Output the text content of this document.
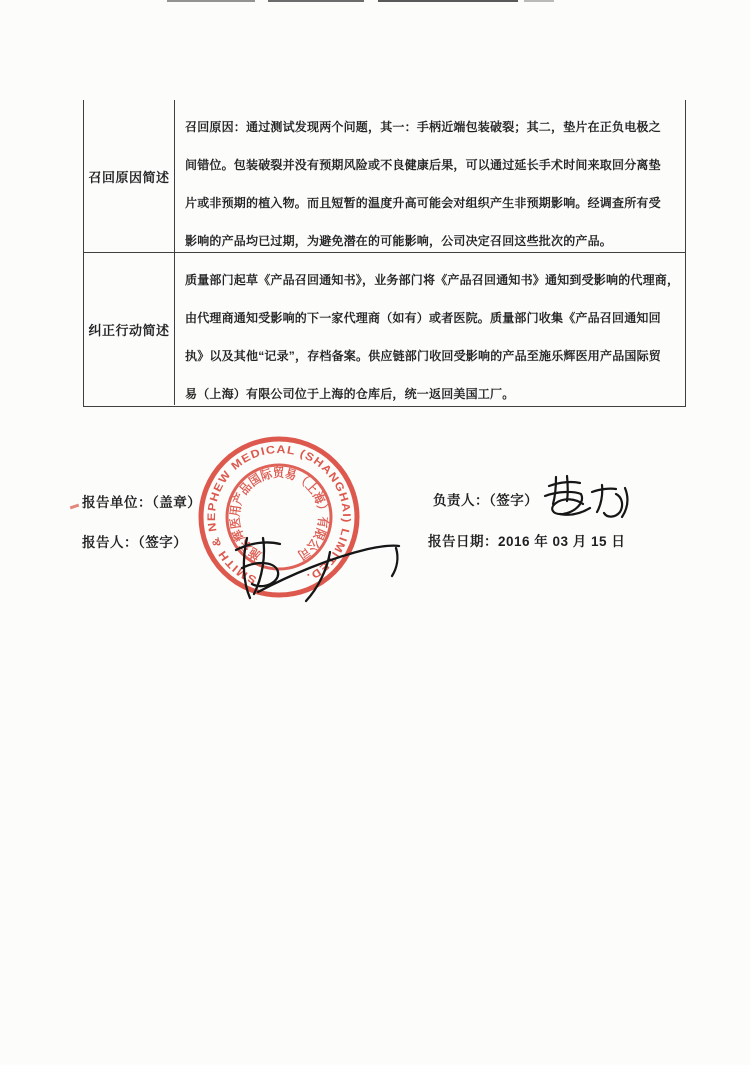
召回原因简述
召回原因：通过测试发现两个问题，其一：手柄近端包装破裂；其二，垫片在正负电极之
间错位。包装破裂并没有预期风险或不良健康后果，可以通过延长手术时间来取回分离垫
片或非预期的植入物。而且短暂的温度升高可能会对组织产生非预期影响。经调查所有受
影响的产品均已过期，为避免潜在的可能影响，公司决定召回这些批次的产品。
纠正行动简述
质量部门起草《产品召回通知书》，业务部门将《产品召回通知书》通知到受影响的代理商，
由代理商通知受影响的下一家代理商（如有）或者医院。质量部门收集《产品召回通知回
执》以及其他“记录”，存档备案。供应链部门收回受影响的产品至施乐辉医用产品国际贸
易（上海）有限公司位于上海的仓库后，统一返回美国工厂。
报告单位：（盖章）
报告人：（签字）
负责人：（签字）
报告日期：2016 年 03 月 15 日
SMITH & NEPHEW MEDICAL (SHANGHAI) LIMITED.
施乐辉医用产品国际贸易（上海）有限公司
